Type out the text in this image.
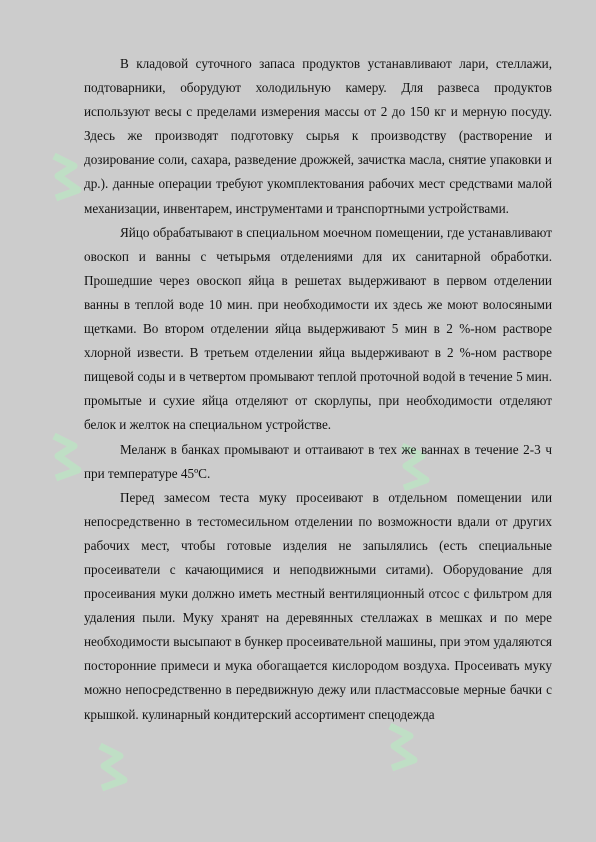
В кладовой суточного запаса продуктов устанавливают лари, стеллажи, подтоварники, оборудуют холодильную камеру. Для развеса продуктов используют весы с пределами измерения массы от 2 до 150 кг и мерную посуду. Здесь же производят подготовку сырья к производству (растворение и дозирование соли, сахара, разведение дрожжей, зачистка масла, снятие упаковки и др.). данные операции требуют укомплектования рабочих мест средствами малой механизации, инвентарем, инструментами и транспортными устройствами.

Яйцо обрабатывают в специальном моечном помещении, где устанавливают овоскоп и ванны с четырьмя отделениями для их санитарной обработки. Прошедшие через овоскоп яйца в решетах выдерживают в первом отделении ванны в теплой воде 10 мин. при необходимости их здесь же моют волосяными щетками. Во втором отделении яйца выдерживают 5 мин в 2 %-ном растворе хлорной извести. В третьем отделении яйца выдерживают в 2 %-ном растворе пищевой соды и в четвертом промывают теплой проточной водой в течение 5 мин. промытые и сухие яйца отделяют от скорлупы, при необходимости отделяют белок и желток на специальном устройстве.

Меланж в банках промывают и оттаивают в тех же ваннах в течение 2-3 ч при температуре 45ºС.

Перед замесом теста муку просеивают в отдельном помещении или непосредственно в тестомесильном отделении по возможности вдали от других рабочих мест, чтобы готовые изделия не запылялись (есть специальные просеиватели с качающимися и неподвижными ситами). Оборудование для просеивания муки должно иметь местный вентиляционный отсос с фильтром для удаления пыли. Муку хранят на деревянных стеллажах в мешках и по мере необходимости высыпают в бункер просеивательной машины, при этом удаляются посторонние примеси и мука обогащается кислородом воздуха. Просеивать муку можно непосредственно в передвижную дежу или пластмассовые мерные бачки с крышкой. кулинарный кондитерский ассортимент спецодежда
